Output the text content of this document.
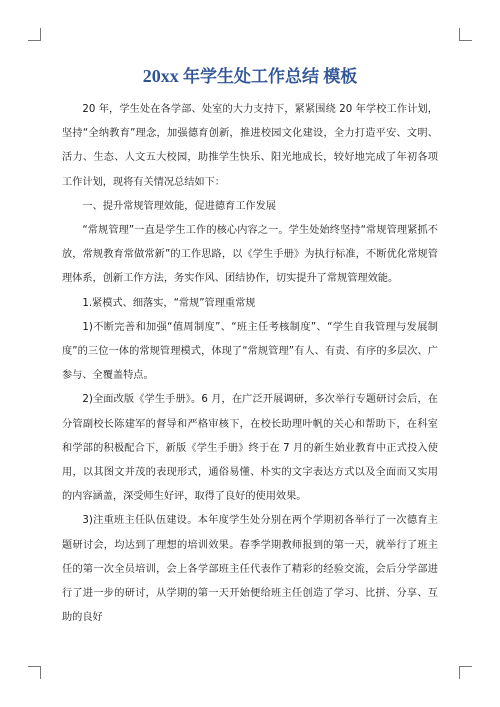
20xx 年学生处工作总结 模板

20 年，学生处在各学部、处室的大力支持下，紧紧围绕 20 年学校工作计划，坚持“全纳教育”理念，加强德育创新，推进校园文化建设，全力打造平安、文明、活力、生态、人文五大校园，助推学生快乐、阳光地成长，较好地完成了年初各项工作计划，现将有关情况总结如下：

一、提升常规管理效能，促进德育工作发展

“常规管理”一直是学生工作的核心内容之一。学生处始终坚持“常规管理紧抓不放，常规教育常做常新”的工作思路，以《学生手册》为执行标准，不断优化常规管理体系，创新工作方法，务实作风、团结协作，切实提升了常规管理效能。

1.紧模式、细落实，“常规”管理重常规

1)不断完善和加强“值周制度”、“班主任考核制度”、“学生自我管理与发展制度”的三位一体的常规管理模式，体现了“常规管理”有人、有责、有序的多层次、广参与、全覆盖特点。

2)全面改版《学生手册》。6 月，在广泛开展调研，多次举行专题研讨会后，在分管副校长陈建军的督导和严格审核下，在校长助理叶帆的关心和帮助下，在科室和学部的积极配合下，新版《学生手册》终于在 7 月的新生始业教育中正式投入使用，以其图文并茂的表现形式，通俗易懂、朴实的文字表达方式以及全面而又实用的内容涵盖，深受师生好评，取得了良好的使用效果。

3)注重班主任队伍建设。本年度学生处分别在两个学期初各举行了一次德育主题研讨会，均达到了理想的培训效果。春季学期教师报到的第一天，就举行了班主任的第一次全员培训，会上各学部班主任代表作了精彩的经验交流，会后分学部进行了进一步的研讨，从学期的第一天开始便给班主任创造了学习、比拼、分享、互助的良好
